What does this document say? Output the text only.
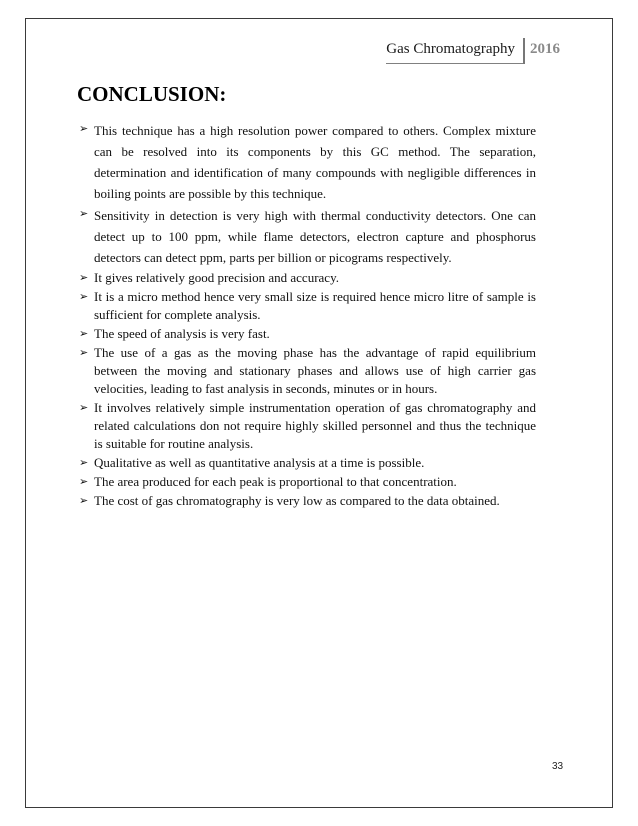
Gas Chromatography	2016
CONCLUSION:
➢ This technique has a high resolution power compared to others. Complex mixture can be resolved into its components by this GC method. The separation, determination and identification of many compounds with negligible differences in boiling points are possible by this technique.
➢ Sensitivity in detection is very high with thermal conductivity detectors. One can detect up to 100 ppm, while flame detectors, electron capture and phosphorus detectors can detect ppm, parts per billion or picograms respectively.
➢ It gives relatively good precision and accuracy.
➢ It is a micro method hence very small size is required hence micro litre of sample is sufficient for complete analysis.
➢ The speed of analysis is very fast.
➢ The use of a gas as the moving phase has the advantage of rapid equilibrium between the moving and stationary phases and allows use of high carrier gas velocities, leading to fast analysis in seconds, minutes or in hours.
➢ It involves relatively simple instrumentation operation of gas chromatography and related calculations don not require highly skilled personnel and thus the technique is suitable for routine analysis.
➢ Qualitative as well as quantitative analysis at a time is possible.
➢ The area produced for each peak is proportional to that concentration.
➢ The cost of gas chromatography is very low as compared to the data obtained.
33
